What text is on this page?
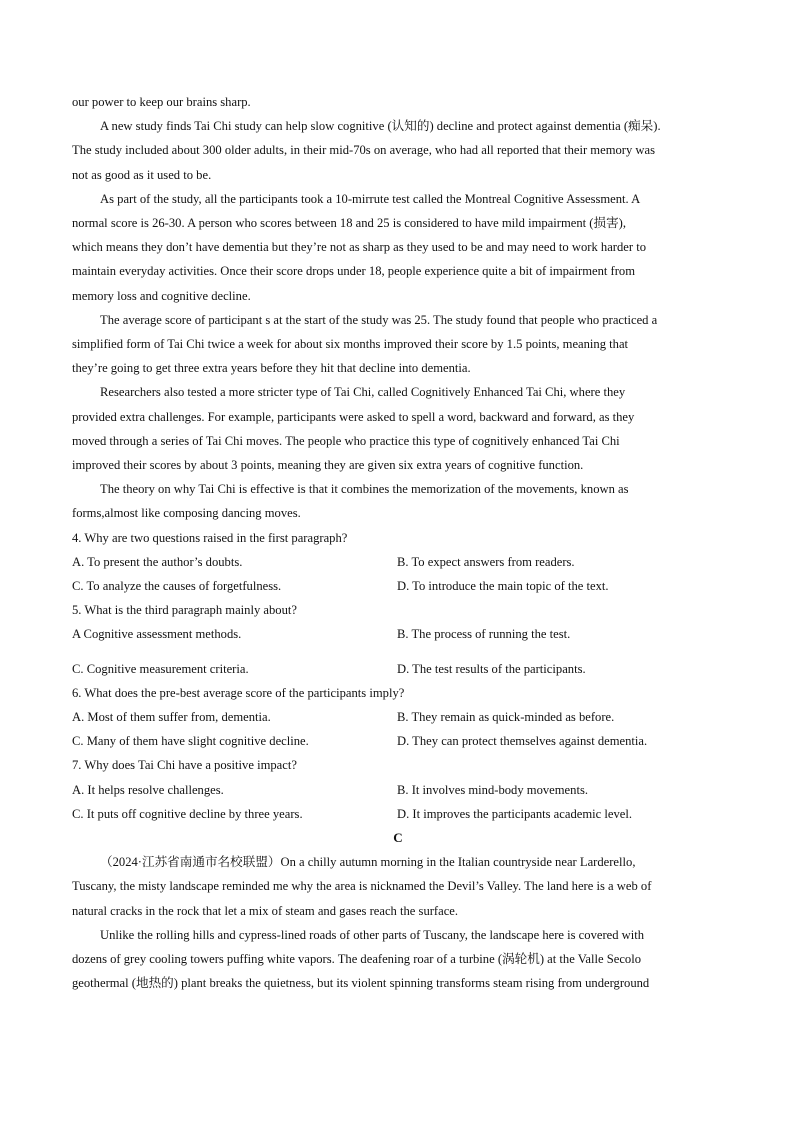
our power to keep our brains sharp.
A new study finds Tai Chi study can help slow cognitive (认知的) decline and protect against dementia (痴呆).
The study included about 300 older adults, in their mid-70s on average, who had all reported that their memory was
not as good as it used to be.
As part of the study, all the participants took a 10-mirrute test called the Montreal Cognitive Assessment. A
normal score is 26-30. A person who scores between 18 and 25 is considered to have mild impairment (损害),
which means they don’t have dementia but they’re not as sharp as they used to be and may need to work harder to
maintain everyday activities. Once their score drops under 18, people experience quite a bit of impairment from
memory loss and cognitive decline.
The average score of participant s at the start of the study was 25. The study found that people who practiced a
simplified form of Tai Chi twice a week for about six months improved their score by 1.5 points, meaning that
they’re going to get three extra years before they hit that decline into dementia.
Researchers also tested a more stricter type of Tai Chi, called Cognitively Enhanced Tai Chi, where they
provided extra challenges. For example, participants were asked to spell a word, backward and forward, as they
moved through a series of Tai Chi moves. The people who practice this type of cognitively enhanced Tai Chi
improved their scores by about 3 points, meaning they are given six extra years of cognitive function.
The theory on why Tai Chi is effective is that it combines the memorization of the movements, known as
forms,almost like composing dancing moves.
4. Why are two questions raised in the first paragraph?
A. To present the author’s doubts.	B. To expect answers from readers.
C. To analyze the causes of forgetfulness.	D. To introduce the main topic of the text.
5. What is the third paragraph mainly about?
A Cognitive assessment methods.	B. The process of running the test.
C. Cognitive measurement criteria.	D. The test results of the participants.
6. What does the pre-best average score of the participants imply?
A. Most of them suffer from, dementia.	B. They remain as quick-minded as before.
C. Many of them have slight cognitive decline.	D. They can protect themselves against dementia.
7. Why does Tai Chi have a positive impact?
A. It helps resolve challenges.	B. It involves mind-body movements.
C. It puts off cognitive decline by three years.	D. It improves the participants academic level.
C
（2024·江苏省南通市名校联盟）On a chilly autumn morning in the Italian countryside near Larderello,
Tuscany, the misty landscape reminded me why the area is nicknamed the Devil’s Valley. The land here is a web of
natural cracks in the rock that let a mix of steam and gases reach the surface.
Unlike the rolling hills and cypress-lined roads of other parts of Tuscany, the landscape here is covered with
dozens of grey cooling towers puffing white vapors. The deafening roar of a turbine (涡轮机) at the Valle Secolo
geothermal (地热的) plant breaks the quietness, but its violent spinning transforms steam rising from underground
